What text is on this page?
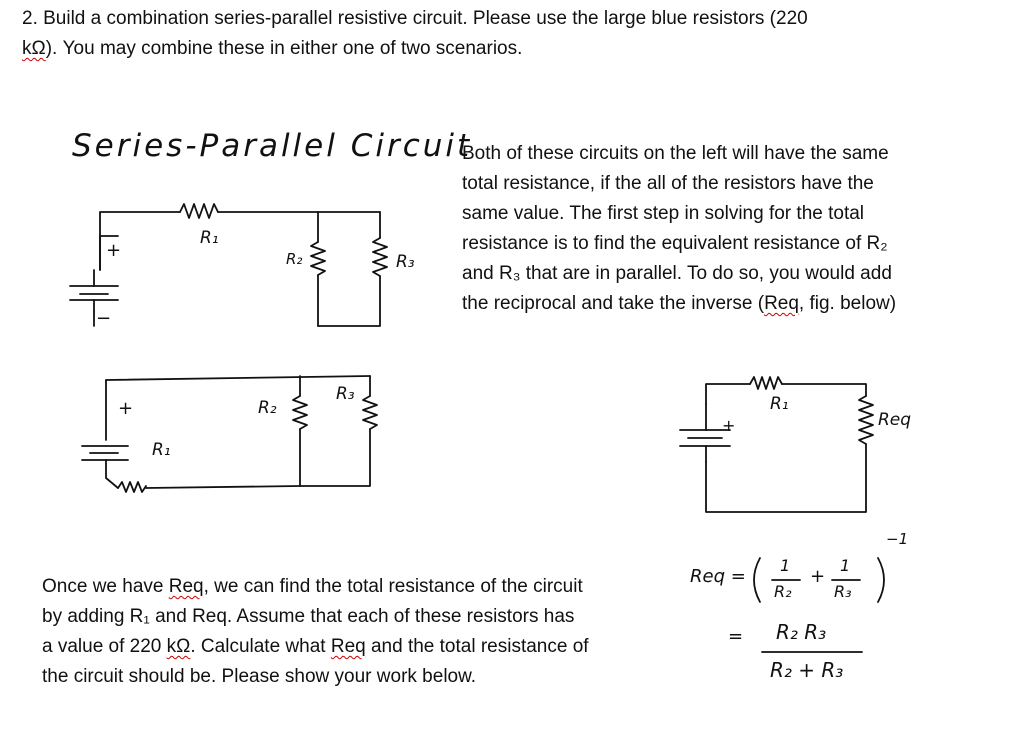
2. Build a combination series-parallel resistive circuit. Please use the large blue resistors (220

kΩ). You may combine these in either one of two scenarios.

Series-Parallel Circuit

Both of these circuits on the left will have the same

total resistance, if the all of the resistors have the

same value. The first step in solving for the total

resistance is to find the equivalent resistance of R₂

and R₃ that are in parallel. To do so, you would add

the reciprocal and take the inverse (Req, fig. below)

Once we have Req, we can find the total resistance of the circuit

by adding R₁ and Req. Assume that each of these resistors has

a value of 220 kΩ. Calculate what Req and the total resistance of

the circuit should be. Please show your work below.

R₁
R₂	R₃
+
−
+
R₁
R₂
R₃	R₁
Req
+
Req =
1
R₂
+
1
R₃
−1
= R₂ R₃
R₂ + R₃
